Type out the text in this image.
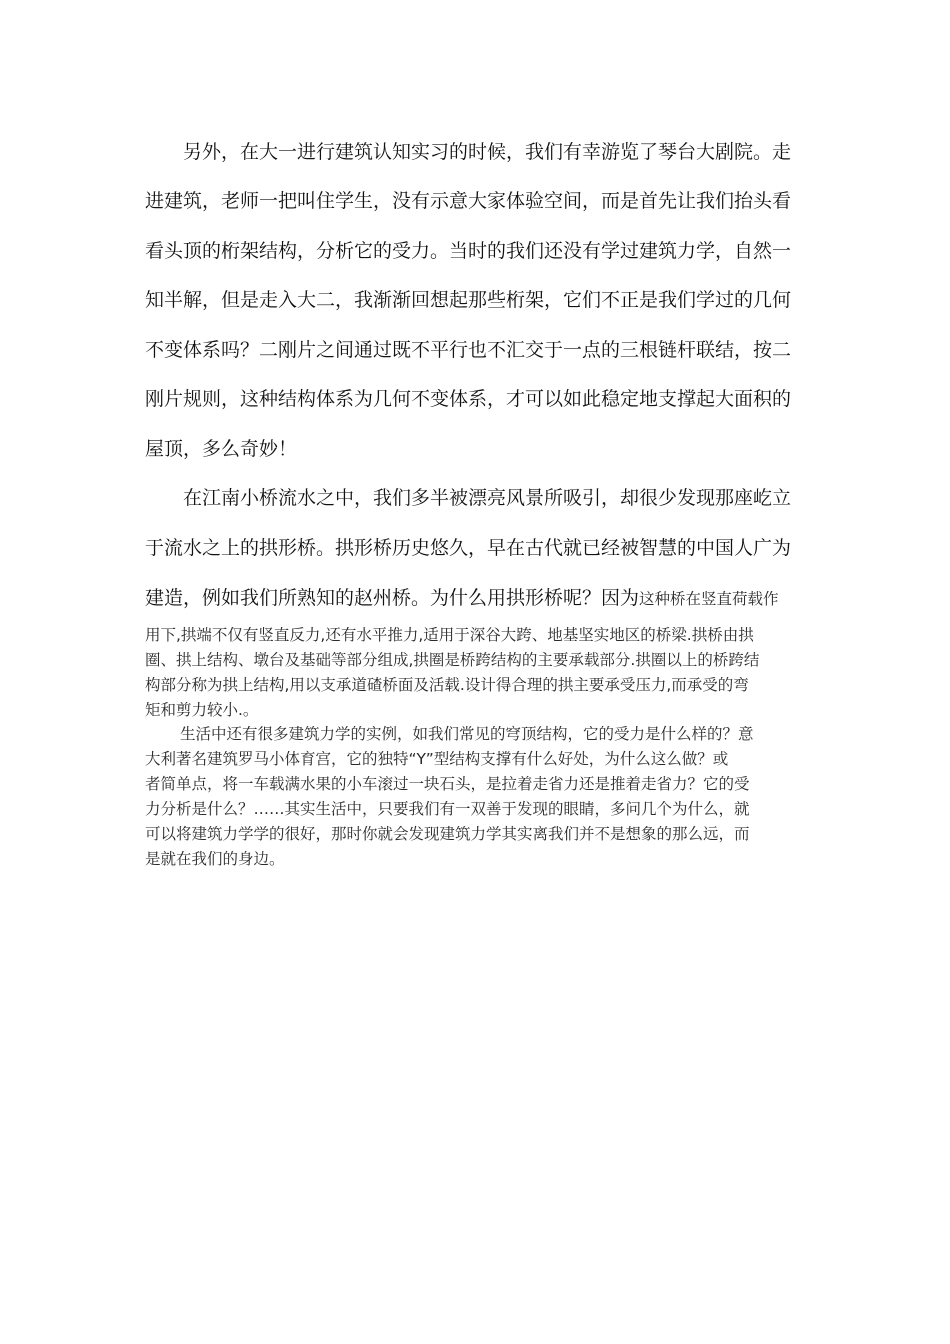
另外，在大一进行建筑认知实习的时候，我们有幸游览了琴台大剧院。走

进建筑，老师一把叫住学生，没有示意大家体验空间，而是首先让我们抬头看

看头顶的桁架结构，分析它的受力。当时的我们还没有学过建筑力学，自然一

知半解，但是走入大二，我渐渐回想起那些桁架，它们不正是我们学过的几何

不变体系吗？二刚片之间通过既不平行也不汇交于一点的三根链杆联结，按二

刚片规则，这种结构体系为几何不变体系，才可以如此稳定地支撑起大面积的

屋顶，多么奇妙！

在江南小桥流水之中，我们多半被漂亮风景所吸引，却很少发现那座屹立

于流水之上的拱形桥。拱形桥历史悠久，早在古代就已经被智慧的中国人广为

建造，例如我们所熟知的赵州桥。为什么用拱形桥呢？因为这种桥在竖直荷载作

用下,拱端不仅有竖直反力,还有水平推力,适用于深谷大跨、地基坚实地区的桥梁.拱桥由拱

圈、拱上结构、墩台及基础等部分组成,拱圈是桥跨结构的主要承载部分.拱圈以上的桥跨结

构部分称为拱上结构,用以支承道碴桥面及活载.设计得合理的拱主要承受压力,而承受的弯

矩和剪力较小.。

生活中还有很多建筑力学的实例，如我们常见的穹顶结构，它的受力是什么样的？意

大利著名建筑罗马小体育宫，它的独特“Y”型结构支撑有什么好处，为什么这么做？或

者简单点，将一车载满水果的小车滚过一块石头，是拉着走省力还是推着走省力？它的受

力分析是什么？……其实生活中，只要我们有一双善于发现的眼睛，多问几个为什么，就

可以将建筑力学学的很好，那时你就会发现建筑力学其实离我们并不是想象的那么远，而

是就在我们的身边。
